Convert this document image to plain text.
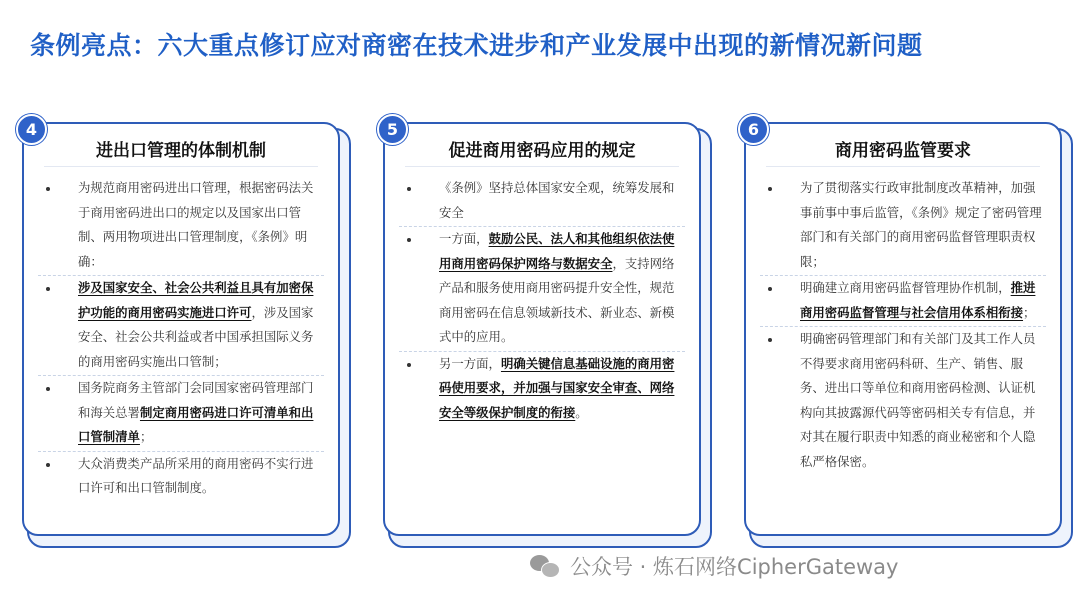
条例亮点：六大重点修订应对商密在技术进步和产业发展中出现的新情况新问题
进出口管理的体制机制
为规范商用密码进出口管理，根据密码法关于商用密码进出口的规定以及国家出口管制、两用物项进出口管理制度，《条例》明确：
涉及国家安全、社会公共利益且具有加密保护功能的商用密码实施进口许可，涉及国家安全、社会公共利益或者中国承担国际义务的商用密码实施出口管制；
国务院商务主管部门会同国家密码管理部门和海关总署制定商用密码进口许可清单和出口管制清单；
大众消费类产品所采用的商用密码不实行进口许可和出口管制制度。
4
促进商用密码应用的规定
《条例》坚持总体国家安全观，统筹发展和安全
一方面，鼓励公民、法人和其他组织依法使用商用密码保护网络与数据安全，支持网络产品和服务使用商用密码提升安全性，规范商用密码在信息领域新技术、新业态、新模式中的应用。
另一方面，明确关键信息基础设施的商用密码使用要求，并加强与国家安全审查、网络安全等级保护制度的衔接。
5
商用密码监管要求
为了贯彻落实行政审批制度改革精神，加强事前事中事后监管，《条例》规定了密码管理部门和有关部门的商用密码监督管理职责权限；
明确建立商用密码监督管理协作机制，推进商用密码监督管理与社会信用体系相衔接；
明确密码管理部门和有关部门及其工作人员不得要求商用密码科研、生产、销售、服务、进出口等单位和商用密码检测、认证机构向其披露源代码等密码相关专有信息，并对其在履行职责中知悉的商业秘密和个人隐私严格保密。
6
公众号 · 炼石网络CipherGateway
